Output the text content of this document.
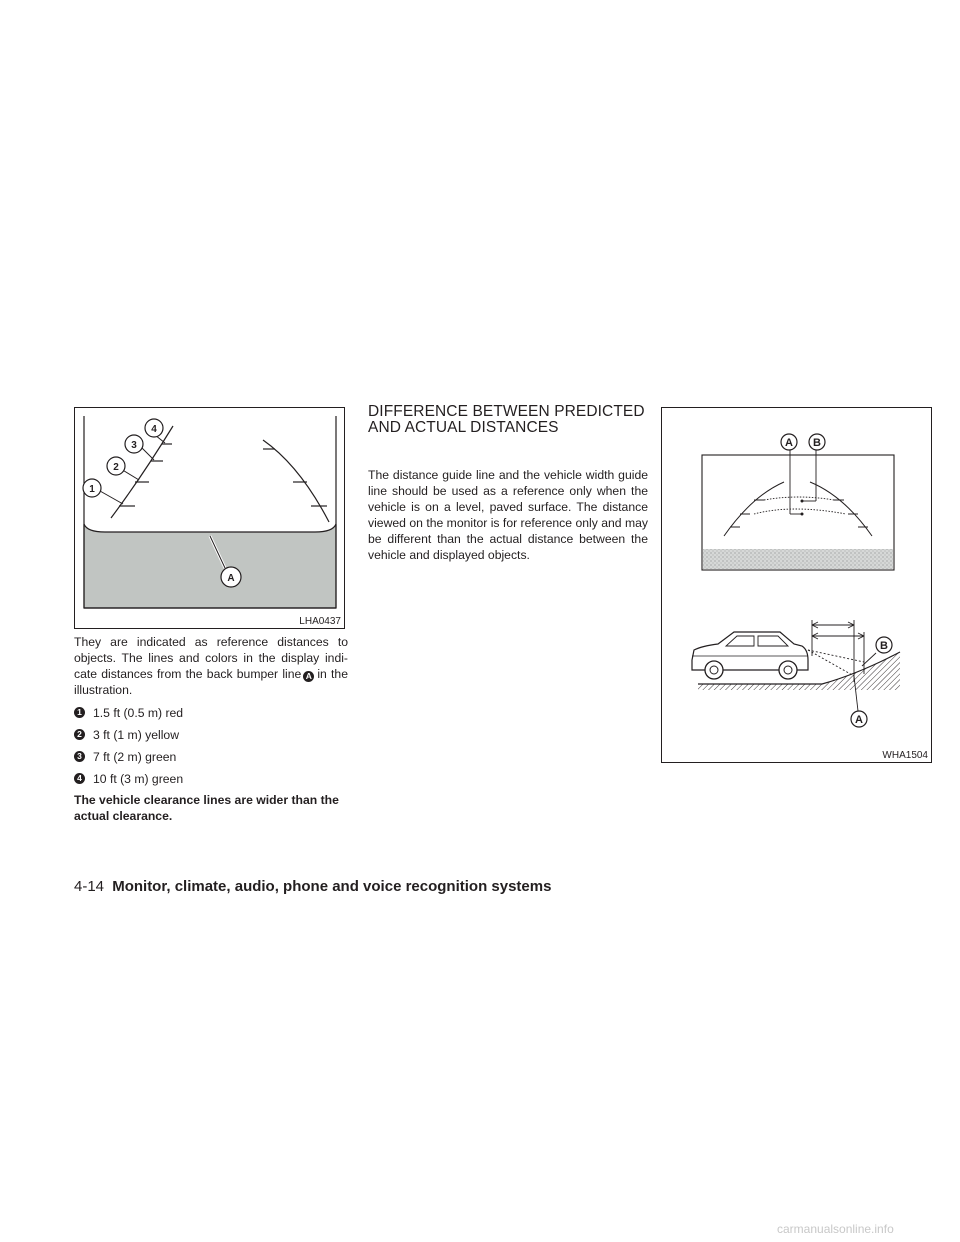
1
2
3
4
A
LHA0437

They are indicated as reference distances to objects. The lines and colors in the display indi-cate distances from the back bumper line A in the illustration.

1 1.5 ft (0.5 m) red
2 3 ft (1 m) yellow
3 7 ft (2 m) green
4 10 ft (3 m) green

The vehicle clearance lines are wider than the actual clearance.

DIFFERENCE BETWEEN PREDICTED AND ACTUAL DISTANCES

The distance guide line and the vehicle width guide line should be used as a reference only when the vehicle is on a level, paved surface. The distance viewed on the monitor is for reference only and may be different than the actual distance between the vehicle and displayed objects.

A B
B
A
WHA1504
4-14 Monitor, climate, audio, phone and voice recognition systems
carmanualsonline.info
